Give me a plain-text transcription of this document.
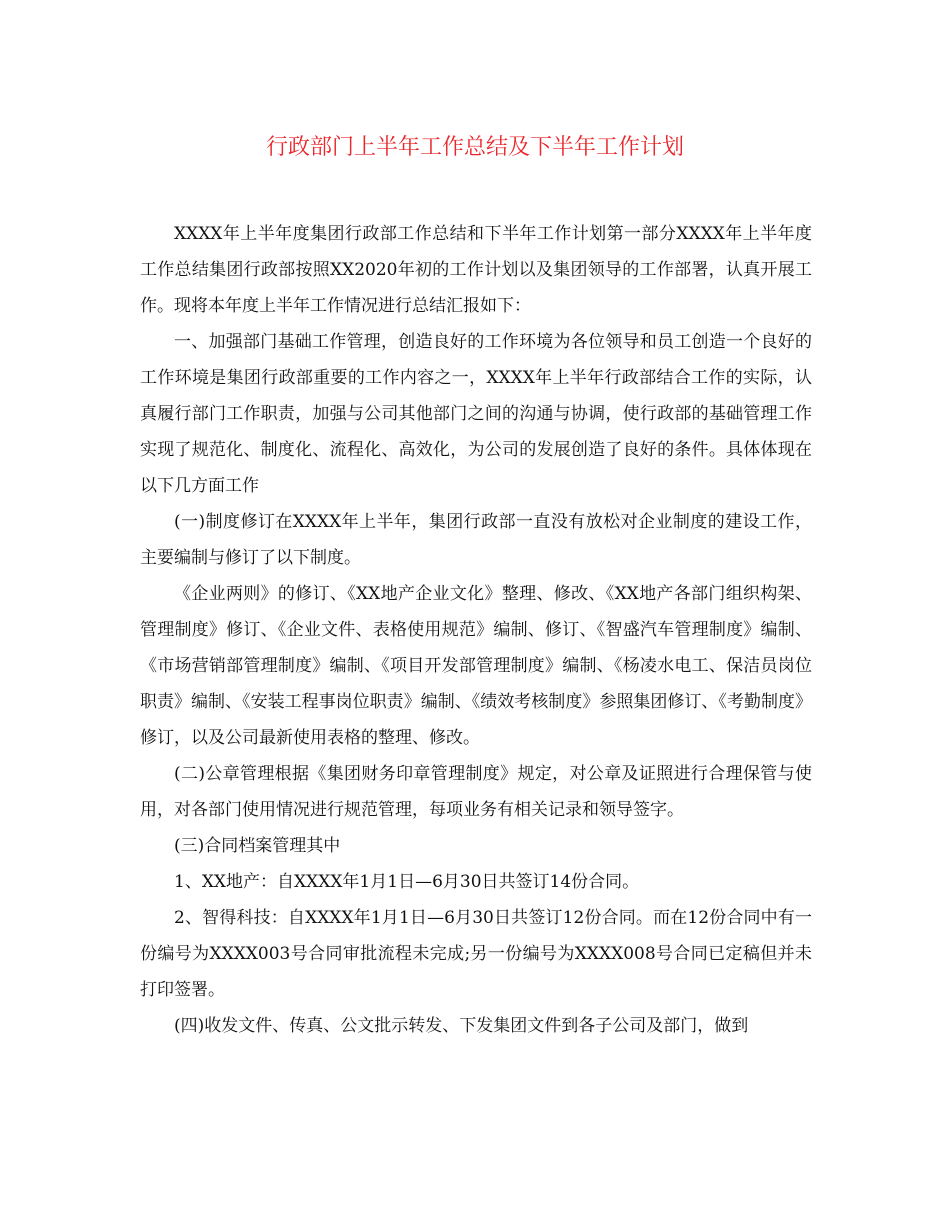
行政部门上半年工作总结及下半年工作计划

XXXX年上半年度集团行政部工作总结和下半年工作计划第一部分XXXX年上半年度工作总结集团行政部按照XX2020年初的工作计划以及集团领导的工作部署，认真开展工作。现将本年度上半年工作情况进行总结汇报如下：

一、加强部门基础工作管理，创造良好的工作环境为各位领导和员工创造一个良好的工作环境是集团行政部重要的工作内容之一，XXXX年上半年行政部结合工作的实际，认真履行部门工作职责，加强与公司其他部门之间的沟通与协调，使行政部的基础管理工作实现了规范化、制度化、流程化、高效化，为公司的发展创造了良好的条件。具体体现在以下几方面工作

(一)制度修订在XXXX年上半年，集团行政部一直没有放松对企业制度的建设工作，主要编制与修订了以下制度。

《企业两则》的修订、《XX地产企业文化》整理、修改、《XX地产各部门组织构架、管理制度》修订、《企业文件、表格使用规范》编制、修订、《智盛汽车管理制度》编制、《市场营销部管理制度》编制、《项目开发部管理制度》编制、《杨凌水电工、保洁员岗位职责》编制、《安装工程事岗位职责》编制、《绩效考核制度》参照集团修订、《考勤制度》修订，以及公司最新使用表格的整理、修改。

(二)公章管理根据《集团财务印章管理制度》规定，对公章及证照进行合理保管与使用，对各部门使用情况进行规范管理，每项业务有相关记录和领导签字。

(三)合同档案管理其中

1、XX地产：自XXXX年1月1日—6月30日共签订14份合同。

2、智得科技：自XXXX年1月1日—6月30日共签订12份合同。而在12份合同中有一份编号为XXXX003号合同审批流程未完成;另一份编号为XXXX008号合同已定稿但并未打印签署。

(四)收发文件、传真、公文批示转发、下发集团文件到各子公司及部门，做到
